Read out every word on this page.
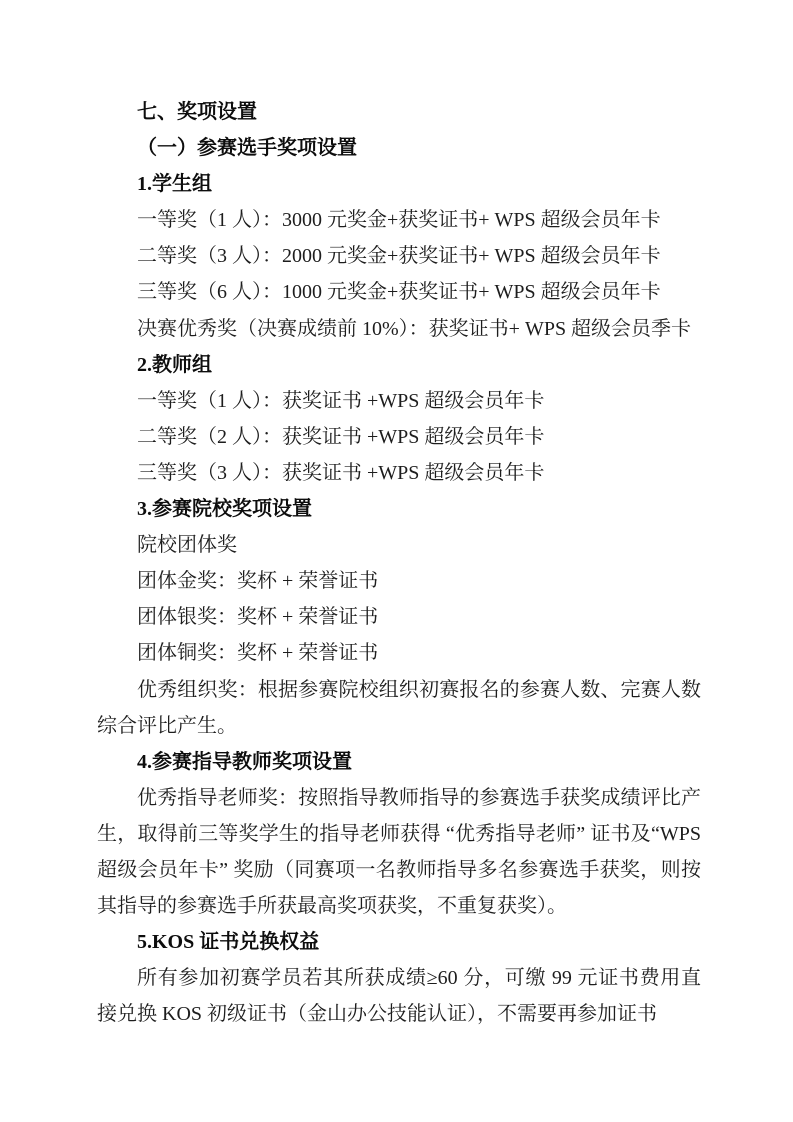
七、奖项设置

（一）参赛选手奖项设置

1.学生组

一等奖（1 人）：3000 元奖金+获奖证书+ WPS 超级会员年卡

二等奖（3 人）：2000 元奖金+获奖证书+ WPS 超级会员年卡

三等奖（6 人）：1000 元奖金+获奖证书+ WPS 超级会员年卡

决赛优秀奖（决赛成绩前 10%）：获奖证书+ WPS 超级会员季卡

2.教师组

一等奖（1 人）：获奖证书 +WPS 超级会员年卡

二等奖（2 人）：获奖证书 +WPS 超级会员年卡

三等奖（3 人）：获奖证书 +WPS 超级会员年卡

3.参赛院校奖项设置

院校团体奖

团体金奖：奖杯 + 荣誉证书

团体银奖：奖杯 + 荣誉证书

团体铜奖：奖杯 + 荣誉证书

优秀组织奖：根据参赛院校组织初赛报名的参赛人数、完赛人数综合评比产生。

4.参赛指导教师奖项设置

优秀指导老师奖：按照指导教师指导的参赛选手获奖成绩评比产生，取得前三等奖学生的指导老师获得 “优秀指导老师” 证书及“WPS 超级会员年卡” 奖励（同赛项一名教师指导多名参赛选手获奖，则按其指导的参赛选手所获最高奖项获奖，不重复获奖）。

5.KOS 证书兑换权益

所有参加初赛学员若其所获成绩≥60 分，可缴 99 元证书费用直接兑换 KOS 初级证书（金山办公技能认证），不需要再参加证书
